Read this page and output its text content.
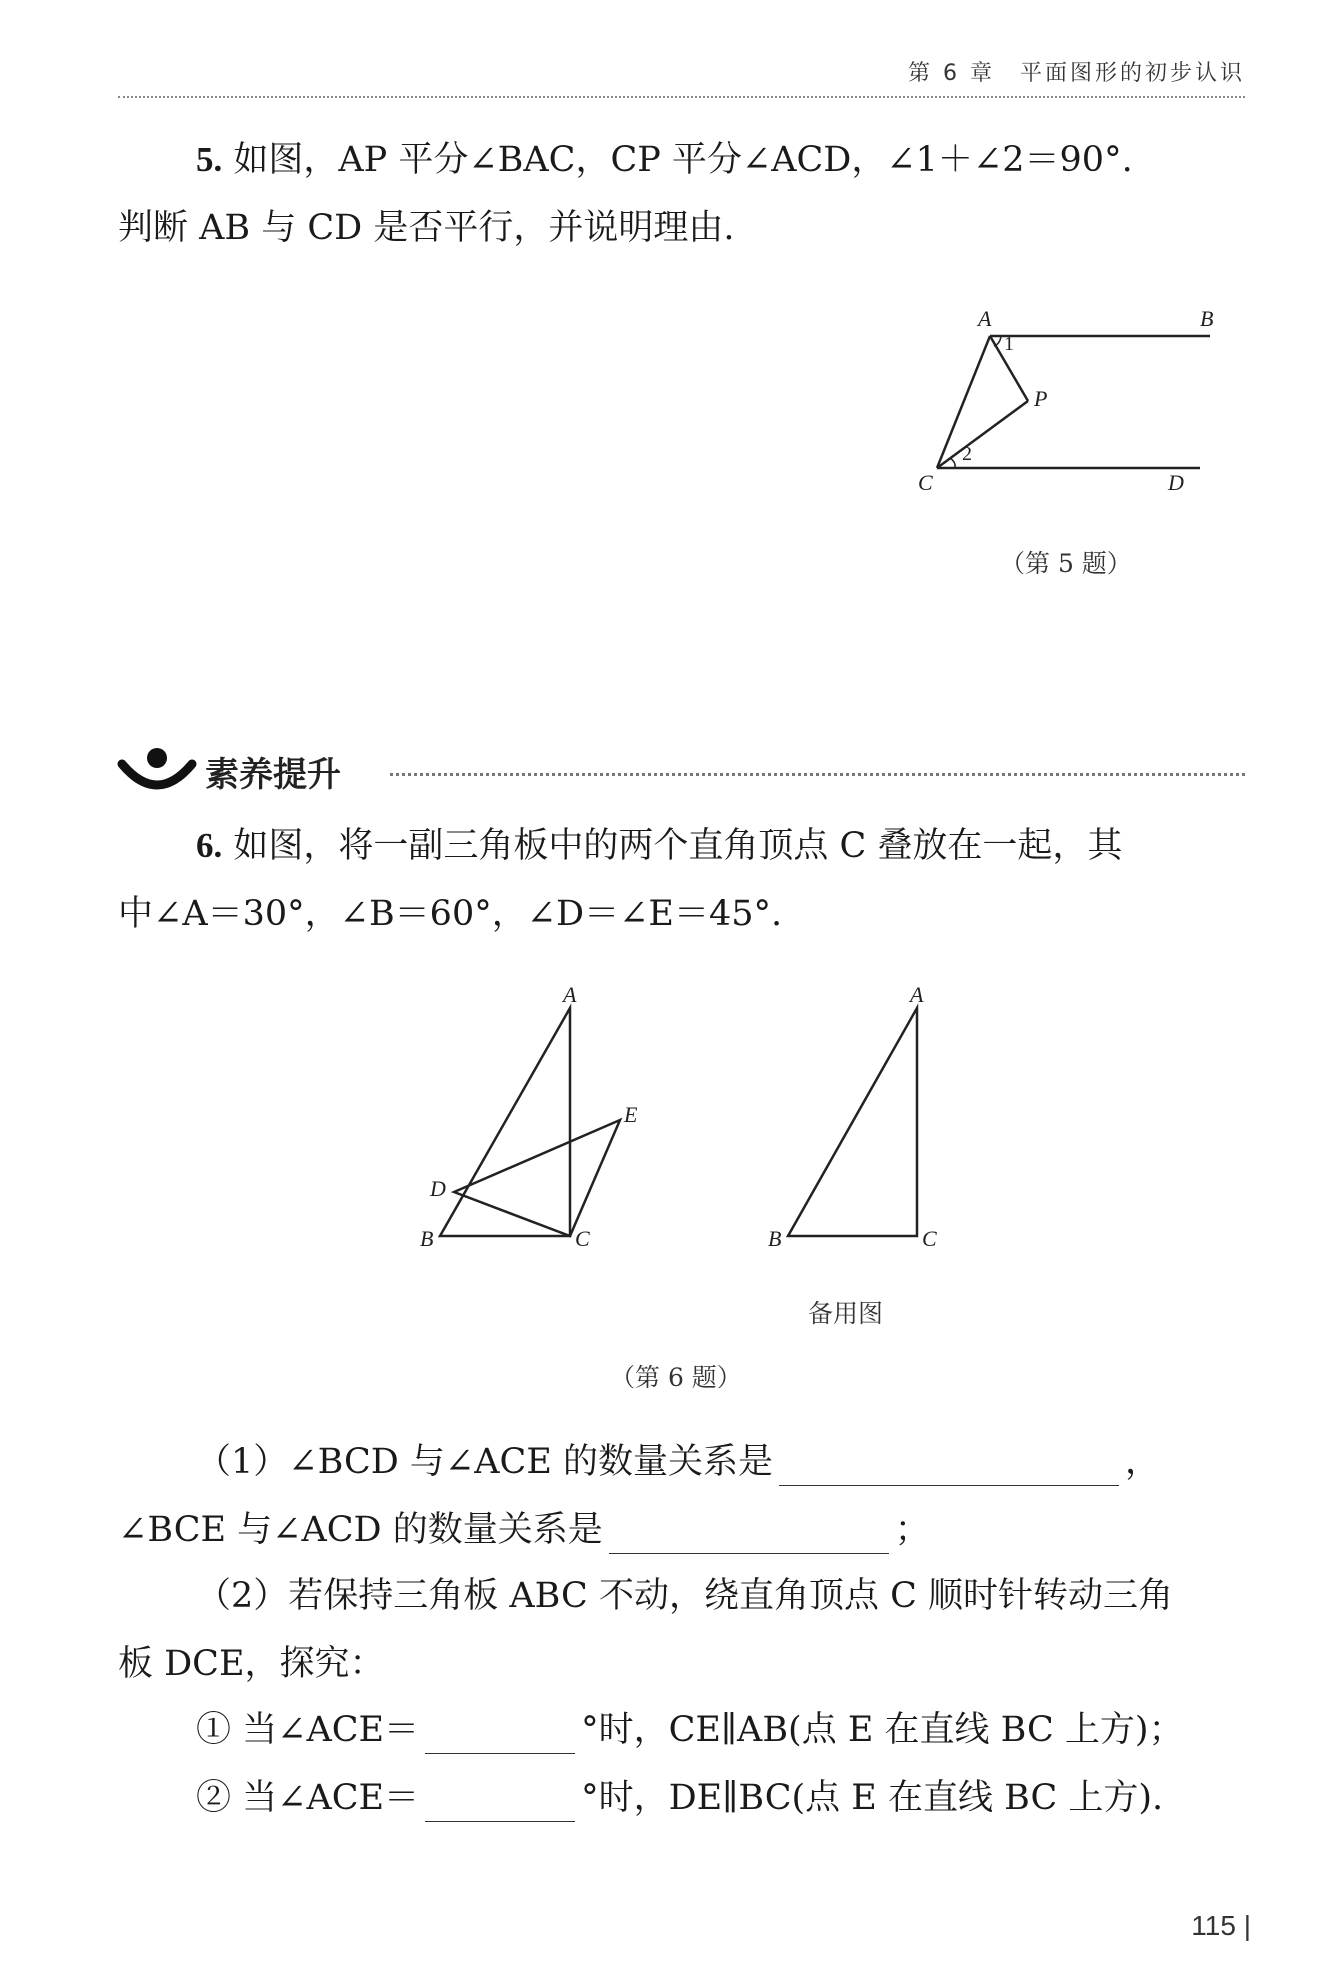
第 6 章　平面图形的初步认识
5. 如图，AP 平分∠BAC，CP 平分∠ACD，∠1＋∠2＝90°.
判断 AB 与 CD 是否平行，并说明理由.
A	B
C	D
P
1
2
（第 5 题）
素养提升
6. 如图，将一副三角板中的两个直角顶点 C 叠放在一起，其
中∠A＝30°，∠B＝60°，∠D＝∠E＝45°.
A
B	C
D
E
A
B	C
备用图
（第 6 题）
（1）∠BCD 与∠ACE 的数量关系是	，
∠BCE 与∠ACD 的数量关系是	；
（2）若保持三角板 ABC 不动，绕直角顶点 C 顺时针转动三角
板 DCE，探究：
① 当∠ACE＝	°时，CE∥AB(点 E 在直线 BC 上方)；
② 当∠ACE＝	°时，DE∥BC(点 E 在直线 BC 上方).
115 |
